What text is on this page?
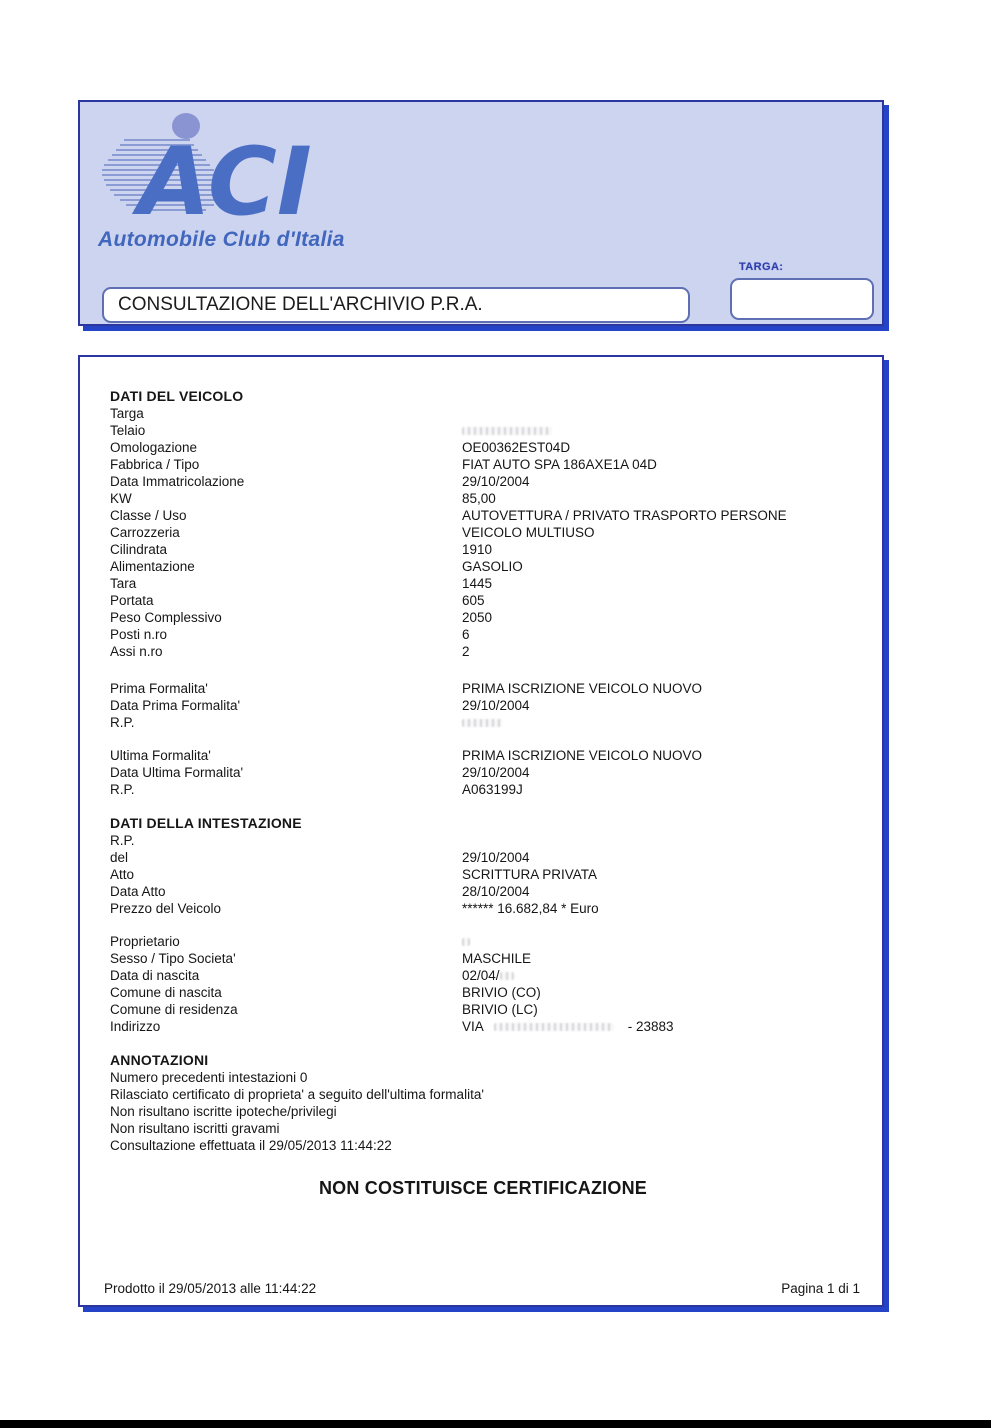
ACI
Automobile Club d'Italia
CONSULTAZIONE DELL'ARCHIVIO P.R.A.
TARGA:
DATI DEL VEICOLO
Targa
Telaio
Omologazione	OE00362EST04D
Fabbrica / Tipo	FIAT AUTO SPA 186AXE1A 04D
Data Immatricolazione	29/10/2004
KW	85,00
Classe / Uso	AUTOVETTURA / PRIVATO TRASPORTO PERSONE
Carrozzeria	VEICOLO MULTIUSO
Cilindrata	1910
Alimentazione	GASOLIO
Tara	1445
Portata	605
Peso Complessivo	2050
Posti n.ro	6
Assi n.ro	2
Prima Formalita'	PRIMA ISCRIZIONE VEICOLO NUOVO
Data Prima Formalita'	29/10/2004
R.P.
Ultima Formalita'	PRIMA ISCRIZIONE VEICOLO NUOVO
Data Ultima Formalita'	29/10/2004
R.P.	A063199J
DATI DELLA INTESTAZIONE
R.P.
del	29/10/2004
Atto	SCRITTURA PRIVATA
Data Atto	28/10/2004
Prezzo del Veicolo	****** 16.682,84 * Euro
Proprietario
Sesso / Tipo Societa'	MASCHILE
Data di nascita	02/04/
Comune di nascita	BRIVIO (CO)
Comune di residenza	BRIVIO (LC)
Indirizzo	VIA	- 23883
ANNOTAZIONI
Numero precedenti intestazioni 0
Rilasciato certificato di proprieta' a seguito dell'ultima formalita'
Non risultano iscritte ipoteche/privilegi
Non risultano iscritti gravami
Consultazione effettuata il 29/05/2013 11:44:22
NON COSTITUISCE CERTIFICAZIONE
Prodotto il 29/05/2013 alle 11:44:22	Pagina 1 di 1
